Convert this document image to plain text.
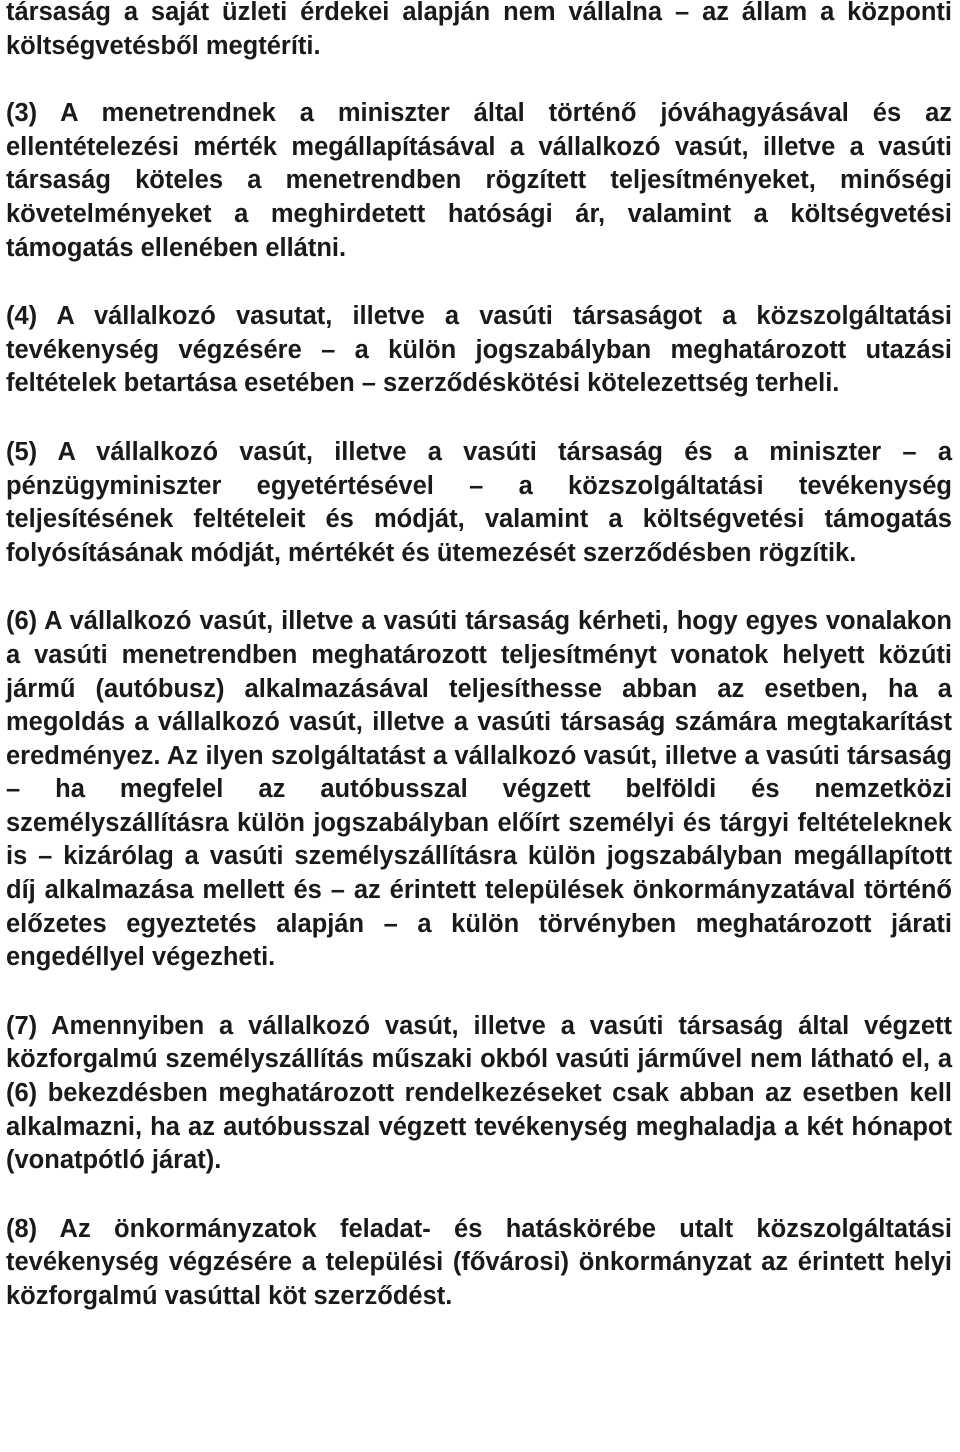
társaság a saját üzleti érdekei alapján nem vállalna – az állam a központi költségvetésből megtéríti.

(3) A menetrendnek a miniszter által történő jóváhagyásával és az ellentételezési mérték megállapításával a vállalkozó vasút, illetve a vasúti társaság köteles a menetrendben rögzített teljesítményeket, minőségi követelményeket a meghirdetett hatósági ár, valamint a költségvetési támogatás ellenében ellátni.

(4) A vállalkozó vasutat, illetve a vasúti társaságot a közszolgáltatási tevékenység végzésére – a külön jogszabályban meghatározott utazási feltételek betartása esetében – szerződéskötési kötelezettség terheli.

(5) A vállalkozó vasút, illetve a vasúti társaság és a miniszter – a pénzügyminiszter egyetértésével – a közszolgáltatási tevékenység teljesítésének feltételeit és módját, valamint a költségvetési támogatás folyósításának módját, mértékét és ütemezését szerződésben rögzítik.

(6) A vállalkozó vasút, illetve a vasúti társaság kérheti, hogy egyes vonalakon a vasúti menetrendben meghatározott teljesítményt vonatok helyett közúti jármű (autóbusz) alkalmazásával teljesíthesse abban az esetben, ha a megoldás a vállalkozó vasút, illetve a vasúti társaság számára megtakarítást eredményez. Az ilyen szolgáltatást a vállalkozó vasút, illetve a vasúti társaság – ha megfelel az autóbusszal végzett belföldi és nemzetközi személyszállításra külön jogszabályban előírt személyi és tárgyi feltételeknek is – kizárólag a vasúti személyszállításra külön jogszabályban megállapított díj alkalmazása mellett és – az érintett települések önkormányzatával történő előzetes egyeztetés alapján – a külön törvényben meghatározott járati engedéllyel végezheti.

(7) Amennyiben a vállalkozó vasút, illetve a vasúti társaság által végzett közforgalmú személyszállítás műszaki okból vasúti járművel nem látható el, a (6) bekezdésben meghatározott rendelkezéseket csak abban az esetben kell alkalmazni, ha az autóbusszal végzett tevékenység meghaladja a két hónapot (vonatpótló járat).

(8) Az önkormányzatok feladat- és hatáskörébe utalt közszolgáltatási tevékenység végzésére a települési (fővárosi) önkormányzat az érintett helyi közforgalmú vasúttal köt szerződést.
